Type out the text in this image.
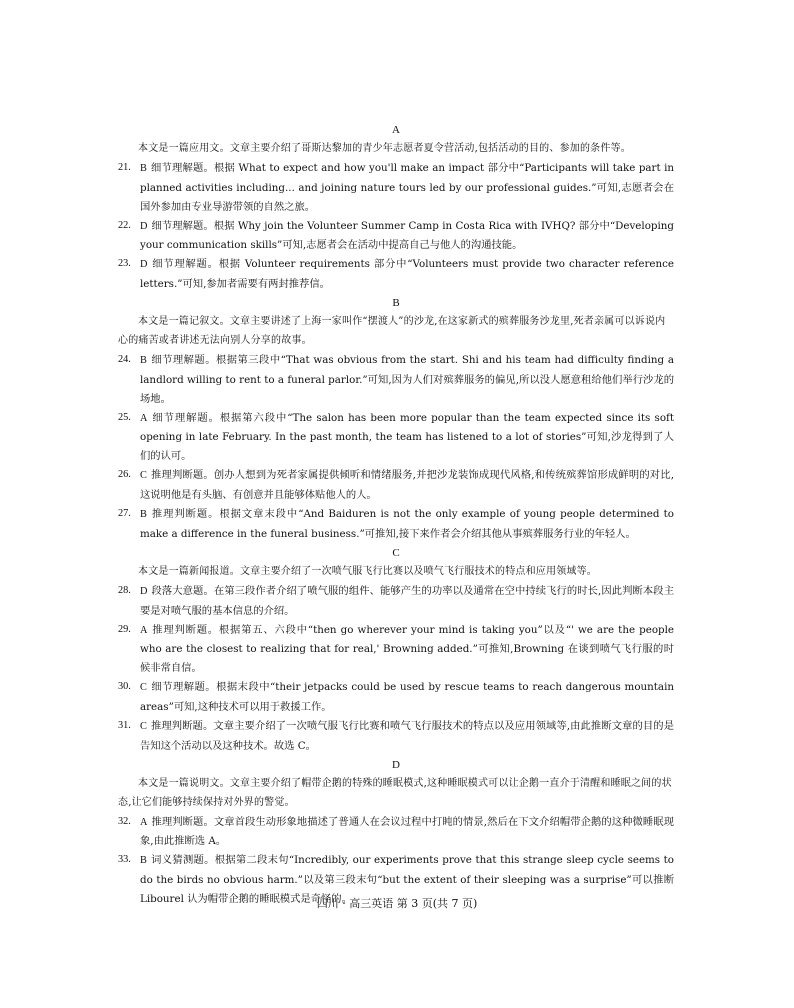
A
本文是一篇应用文。文章主要介绍了哥斯达黎加的青少年志愿者夏令营活动,包括活动的目的、参加的条件等。
21. B 细节理解题。根据 What to expect and how you'll make an impact 部分中“Participants will take part in planned activities including... and joining nature tours led by our professional guides.”可知,志愿者会在国外参加由专业导游带领的自然之旅。
22. D 细节理解题。根据 Why join the Volunteer Summer Camp in Costa Rica with IVHQ? 部分中“Developing your communication skills”可知,志愿者会在活动中提高自己与他人的沟通技能。
23. D 细节理解题。根据 Volunteer requirements 部分中“Volunteers must provide two character reference letters.”可知,参加者需要有两封推荐信。
B
本文是一篇记叙文。文章主要讲述了上海一家叫作“摆渡人”的沙龙,在这家新式的殡葬服务沙龙里,死者亲属可以诉说内心的痛苦或者讲述无法向别人分享的故事。
24. B 细节理解题。根据第三段中“That was obvious from the start. Shi and his team had difficulty finding a landlord willing to rent to a funeral parlor.”可知,因为人们对殡葬服务的偏见,所以没人愿意租给他们举行沙龙的场地。
25. A 细节理解题。根据第六段中“The salon has been more popular than the team expected since its soft opening in late February. In the past month, the team has listened to a lot of stories”可知,沙龙得到了人们的认可。
26. C 推理判断题。创办人想到为死者家属提供倾听和情绪服务,并把沙龙装饰成现代风格,和传统殡葬馆形成鲜明的对比,这说明他是有头脑、有创意并且能够体贴他人的人。
27. B 推理判断题。根据文章末段中“And Baiduren is not the only example of young people determined to make a difference in the funeral business.”可推知,接下来作者会介绍其他从事殡葬服务行业的年轻人。
C
本文是一篇新闻报道。文章主要介绍了一次喷气服飞行比赛以及喷气飞行服技术的特点和应用领域等。
28. D 段落大意题。在第三段作者介绍了喷气服的组件、能够产生的功率以及通常在空中持续飞行的时长,因此判断本段主要是对喷气服的基本信息的介绍。
29. A 推理判断题。根据第五、六段中“then go wherever your mind is taking you”以及“' we are the people who are the closest to realizing that for real,' Browning added.”可推知,Browning 在谈到喷气飞行服的时候非常自信。
30. C 细节理解题。根据末段中“their jetpacks could be used by rescue teams to reach dangerous mountain areas”可知,这种技术可以用于救援工作。
31. C 推理判断题。文章主要介绍了一次喷气服飞行比赛和喷气飞行服技术的特点以及应用领域等,由此推断文章的目的是告知这个活动以及这种技术。故选 C。
D
本文是一篇说明文。文章主要介绍了帽带企鹅的特殊的睡眠模式,这种睡眠模式可以让企鹅一直介于清醒和睡眠之间的状态,让它们能够持续保持对外界的警觉。
32. A 推理判断题。文章首段生动形象地描述了普通人在会议过程中打盹的情景,然后在下文介绍帽带企鹅的这种微睡眠现象,由此推断选 A。
33. B 词义猜测题。根据第二段末句“Incredibly, our experiments prove that this strange sleep cycle seems to do the birds no obvious harm.”以及第三段末句“but the extent of their sleeping was a surprise”可以推断 Libourel 认为帽带企鹅的睡眠模式是奇怪的。
四川 · 高三英语 第 3 页(共 7 页)
